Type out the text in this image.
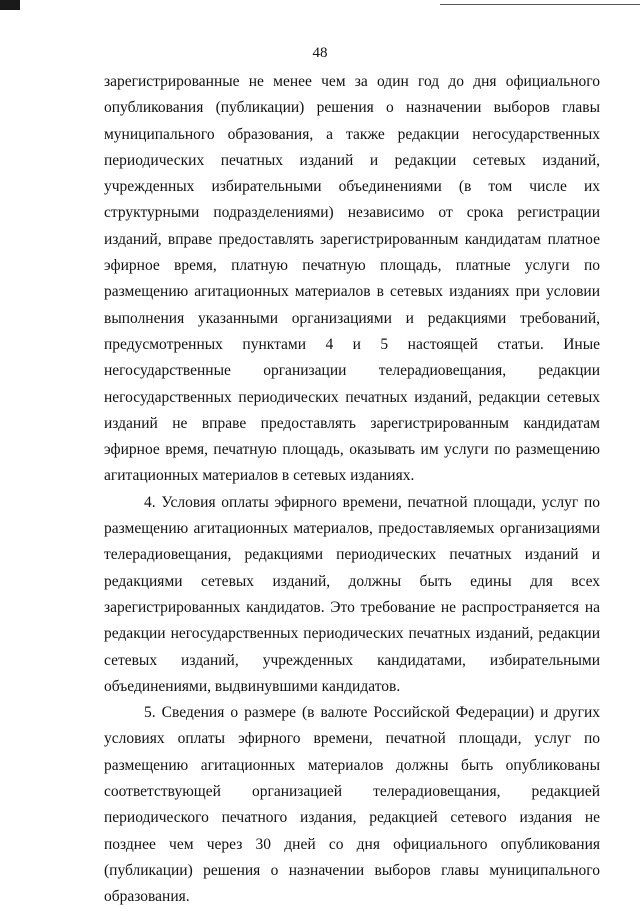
48

зарегистрированные не менее чем за один год до дня официального опубликования (публикации) решения о назначении выборов главы муниципального образования, а также редакции негосударственных периодических печатных изданий и редакции сетевых изданий, учрежденных избирательными объединениями (в том числе их структурными подразделениями) независимо от срока регистрации изданий, вправе предоставлять зарегистрированным кандидатам платное эфирное время, платную печатную площадь, платные услуги по размещению агитационных материалов в сетевых изданиях при условии выполнения указанными организациями и редакциями требований, предусмотренных пунктами 4 и 5 настоящей статьи. Иные негосударственные организации телерадиовещания, редакции негосударственных периодических печатных изданий, редакции сетевых изданий не вправе предоставлять зарегистрированным кандидатам эфирное время, печатную площадь, оказывать им услуги по размещению агитационных материалов в сетевых изданиях.

4. Условия оплаты эфирного времени, печатной площади, услуг по размещению агитационных материалов, предоставляемых организациями телерадиовещания, редакциями периодических печатных изданий и редакциями сетевых изданий, должны быть едины для всех зарегистрированных кандидатов. Это требование не распространяется на редакции негосударственных периодических печатных изданий, редакции сетевых изданий, учрежденных кандидатами, избирательными объединениями, выдвинувшими кандидатов.

5. Сведения о размере (в валюте Российской Федерации) и других условиях оплаты эфирного времени, печатной площади, услуг по размещению агитационных материалов должны быть опубликованы соответствующей организацией телерадиовещания, редакцией периодического печатного издания, редакцией сетевого издания не позднее чем через 30 дней со дня официального опубликования (публикации) решения о назначении выборов главы муниципального образования.
